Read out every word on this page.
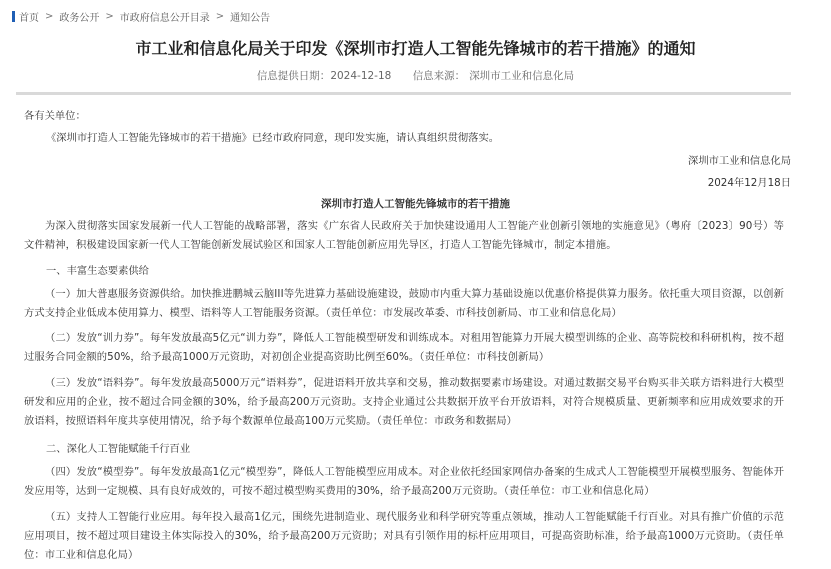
首页 > 政务公开 > 市政府信息公开目录 > 通知公告
市工业和信息化局关于印发《深圳市打造人工智能先锋城市的若干措施》的通知
信息提供日期：2024-12-18 信息来源： 深圳市工业和信息化局
各有关单位：
《深圳市打造人工智能先锋城市的若干措施》已经市政府同意，现印发实施，请认真组织贯彻落实。
深圳市工业和信息化局
2024年12月18日
深圳市打造人工智能先锋城市的若干措施
为深入贯彻落实国家发展新一代人工智能的战略部署，落实《广东省人民政府关于加快建设通用人工智能产业创新引领地的实施意见》（粤府〔2023〕90号）等文件精神，积极建设国家新一代人工智能创新发展试验区和国家人工智能创新应用先导区，打造人工智能先锋城市，制定本措施。
一、丰富生态要素供给
（一）加大普惠服务资源供给。加快推进鹏城云脑III等先进算力基础设施建设，鼓励市内重大算力基础设施以优惠价格提供算力服务。依托重大项目资源，以创新方式支持企业低成本使用算力、模型、语料等人工智能服务资源。（责任单位：市发展改革委、市科技创新局、市工业和信息化局）
（二）发放“训力券”。每年发放最高5亿元“训力券”，降低人工智能模型研发和训练成本。对租用智能算力开展大模型训练的企业、高等院校和科研机构，按不超过服务合同金额的50%，给予最高1000万元资助，对初创企业提高资助比例至60%。（责任单位：市科技创新局）
（三）发放“语料券”。每年发放最高5000万元“语料券”，促进语料开放共享和交易，推动数据要素市场建设。对通过数据交易平台购买非关联方语料进行大模型研发和应用的企业，按不超过合同金额的30%，给予最高200万元资助。支持企业通过公共数据开放平台开放语料，对符合规模质量、更新频率和应用成效要求的开放语料，按照语料年度共享使用情况，给予每个数源单位最高100万元奖励。（责任单位：市政务和数据局）
二、深化人工智能赋能千行百业
（四）发放“模型券”。每年发放最高1亿元“模型券”，降低人工智能模型应用成本。对企业依托经国家网信办备案的生成式人工智能模型开展模型服务、智能体开发应用等，达到一定规模、具有良好成效的，可按不超过模型购买费用的30%，给予最高200万元资助。（责任单位：市工业和信息化局）
（五）支持人工智能行业应用。每年投入最高1亿元，围绕先进制造业、现代服务业和科学研究等重点领域，推动人工智能赋能千行百业。对具有推广价值的示范应用项目，按不超过项目建设主体实际投入的30%，给予最高200万元资助；对具有引领作用的标杆应用项目，可提高资助标准，给予最高1000万元资助。（责任单位：市工业和信息化局）
